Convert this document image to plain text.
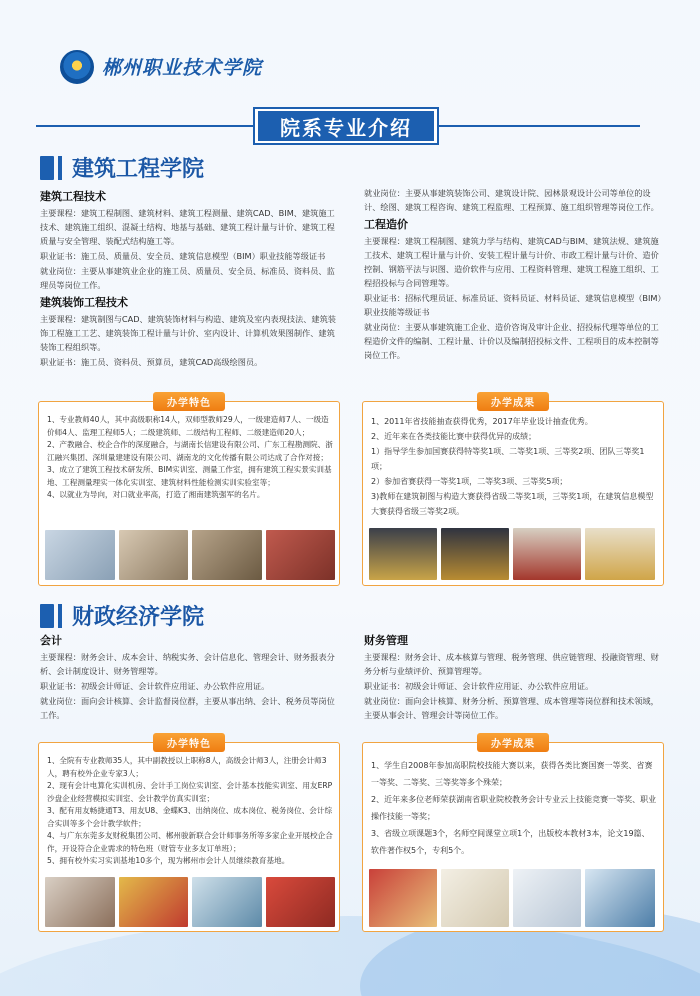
郴州职业技术学院
院系专业介绍
建筑工程学院
建筑工程技术

主要课程：建筑工程制图、建筑材料、建筑工程测量、建筑CAD、BIM、建筑施工技术、建筑施工组织、混凝土结构、地基与基础、建筑工程计量与计价、建筑工程质量与安全管理、装配式结构施工等。

职业证书：施工员、质量员、安全员、建筑信息模型（BIM）职业技能等级证书

就业岗位：主要从事建筑业企业的施工员、质量员、安全员、标准员、资料员、监理员等岗位工作。

建筑装饰工程技术

主要课程：建筑制图与CAD、建筑装饰材料与构造、建筑及室内表现技法、建筑装饰工程施工工艺、建筑装饰工程计量与计价、室内设计、计算机效果图制作、建筑装饰工程组织等。

职业证书：施工员、资料员、预算员，建筑CAD高级绘图员。

就业岗位：主要从事建筑装饰公司、建筑设计院、园林景观设计公司等单位的设计、绘图、建筑工程咨询、建筑工程监理、工程预算、施工组织管理等岗位工作。

工程造价

主要课程：建筑工程制图、建筑力学与结构、建筑CAD与BIM、建筑法规、建筑施工技术、建筑工程计量与计价、安装工程计量与计价、市政工程计量与计价、造价控制、钢筋平法与识图、造价软件与应用、工程资料管理、建筑工程施工组织、工程招投标与合同管理等。

职业证书：招标代理员证、标准员证、资料员证、材料员证、建筑信息模型（BIM）职业技能等级证书

就业岗位：主要从事建筑施工企业、造价咨询及审计企业、招投标代理等单位的工程造价文件的编制、工程计量、计价以及编制招投标文件、工程项目的成本控制等岗位工作。

办学特色

1、专业教师40人，其中高级职称14人，双师型教师29人，一级建造师7人、一级造价师4人、监理工程师5人；二级建筑师、二级结构工程师、二级建造师20人；

2、产教融合、校企合作的深度融合，与湖南长信建设有限公司、广东工程勘测院、浙江融兴集团、深圳量建建设有限公司、湖南龙的文化传播有限公司达成了合作对接；

3、成立了建筑工程技术研发所、BIM实训室、测量工作室，拥有建筑工程实景实训基地、工程测量理实一体化实训室、建筑材料性能检测实训实验室等；

4、以就业为导向，对口就业率高，打造了湘南建筑强军的名片。

办学成果

1、2011年省技能抽查获得优秀，2017年毕业设计抽查优秀。

2、近年来在各类技能比赛中获得优异的成绩；

1）指导学生参加国赛获得特等奖1项、二等奖1项、三等奖2项、团队三等奖1项；

2）参加省赛获得一等奖1项，二等奖3项、三等奖5项；

3)教师在建筑制图与构造大赛获得省级二等奖1项，三等奖1项，在建筑信息模型大赛获得省级三等奖2项。

财政经济学院
会计

主要课程：财务会计、成本会计、纳税实务、会计信息化、管理会计、财务报表分析、会计制度设计、财务管理等。

职业证书：初级会计师证、会计软件应用证、办公软件应用证。

就业岗位：面向会计核算、会计监督岗位群，主要从事出纳、会计、税务员等岗位工作。

财务管理

主要课程：财务会计、成本核算与管理、税务管理、供应链管理、投融资管理、财务分析与业绩评价、预算管理等。

职业证书：初级会计师证、会计软件应用证、办公软件应用证。

就业岗位：面向会计核算、财务分析、预算管理、成本管理等岗位群和技术领域，主要从事会计、管理会计等岗位工作。

办学特色

1、全院有专业教师35人，其中副教授以上职称8人，高级会计师3人，注册会计师3人，聘有校外企业专家3人；

2、现有会计电算化实训机房、会计手工岗位实训室、会计基本技能实训室、用友ERP沙盘企业经营模拟实训室、会计教学仿真实训室；

3、配有用友畅捷通T3、用友U8、金蝶K3、出纳岗位、成本岗位、税务岗位、会计综合实训等多个会计教学软件；

4、与广东东莞多友财税集团公司、郴州骏新联合会计师事务所等多家企业开展校企合作，开设符合企业需求的特色班（财管专业多友订单班）；

5、拥有校外实习实训基地10多个，现为郴州市会计人员继续教育基地。

办学成果

1、学生自2008年参加高职院校技能大赛以来，获得各类比赛国赛一等奖、省赛一等奖、二等奖、三等奖等多个殊荣；

2、近年来多位老师荣获湖南省职业院校教务会计专业云上技能竞赛一等奖、职业操作技能一等奖；

3、省级立项课题3个，名师空间课堂立项1个，出版校本教材3本，论文19篇、软件著作权5个，专利5个。
